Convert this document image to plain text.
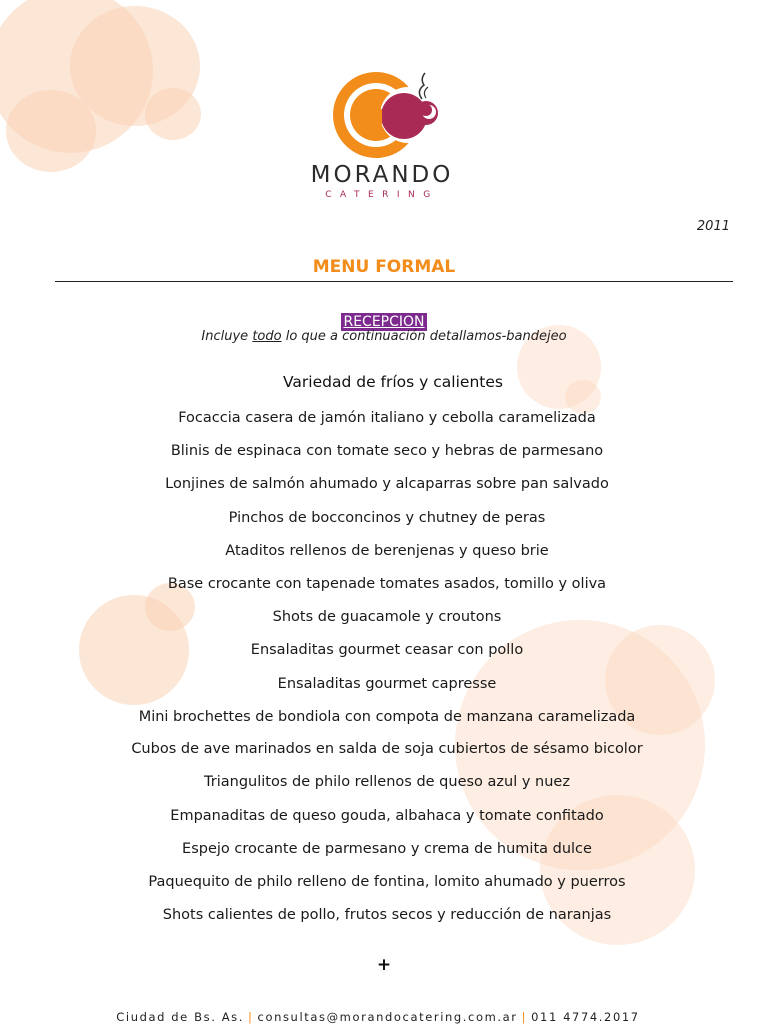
M
MORANDO
CATERING
2011
MENU FORMAL
RECEPCION
Incluye todo lo que a continuación detallamos-bandejeo
Variedad de fríos y calientes
Focaccia casera de jamón italiano y cebolla caramelizada
Blinis de espinaca con tomate seco y hebras de parmesano
Lonjines de salmón ahumado y alcaparras sobre pan salvado
Pinchos de bocconcinos y chutney de peras
Ataditos rellenos de berenjenas y queso brie
Base crocante con tapenade tomates asados, tomillo y oliva
Shots de guacamole y croutons
Ensaladitas gourmet ceasar con pollo
Ensaladitas gourmet capresse
Mini brochettes de bondiola con compota de manzana caramelizada
Cubos de ave marinados en salda de soja cubiertos de sésamo bicolor
Triangulitos de philo rellenos de queso azul y nuez
Empanaditas de queso gouda, albahaca y tomate confitado
Espejo crocante de parmesano y crema de humita dulce
Paquequito de philo relleno de fontina, lomito ahumado y puerros
Shots calientes de pollo, frutos secos y reducción de naranjas
+
Ciudad de Bs. As. | consultas@morandocatering.com.ar | 011 4774.2017
